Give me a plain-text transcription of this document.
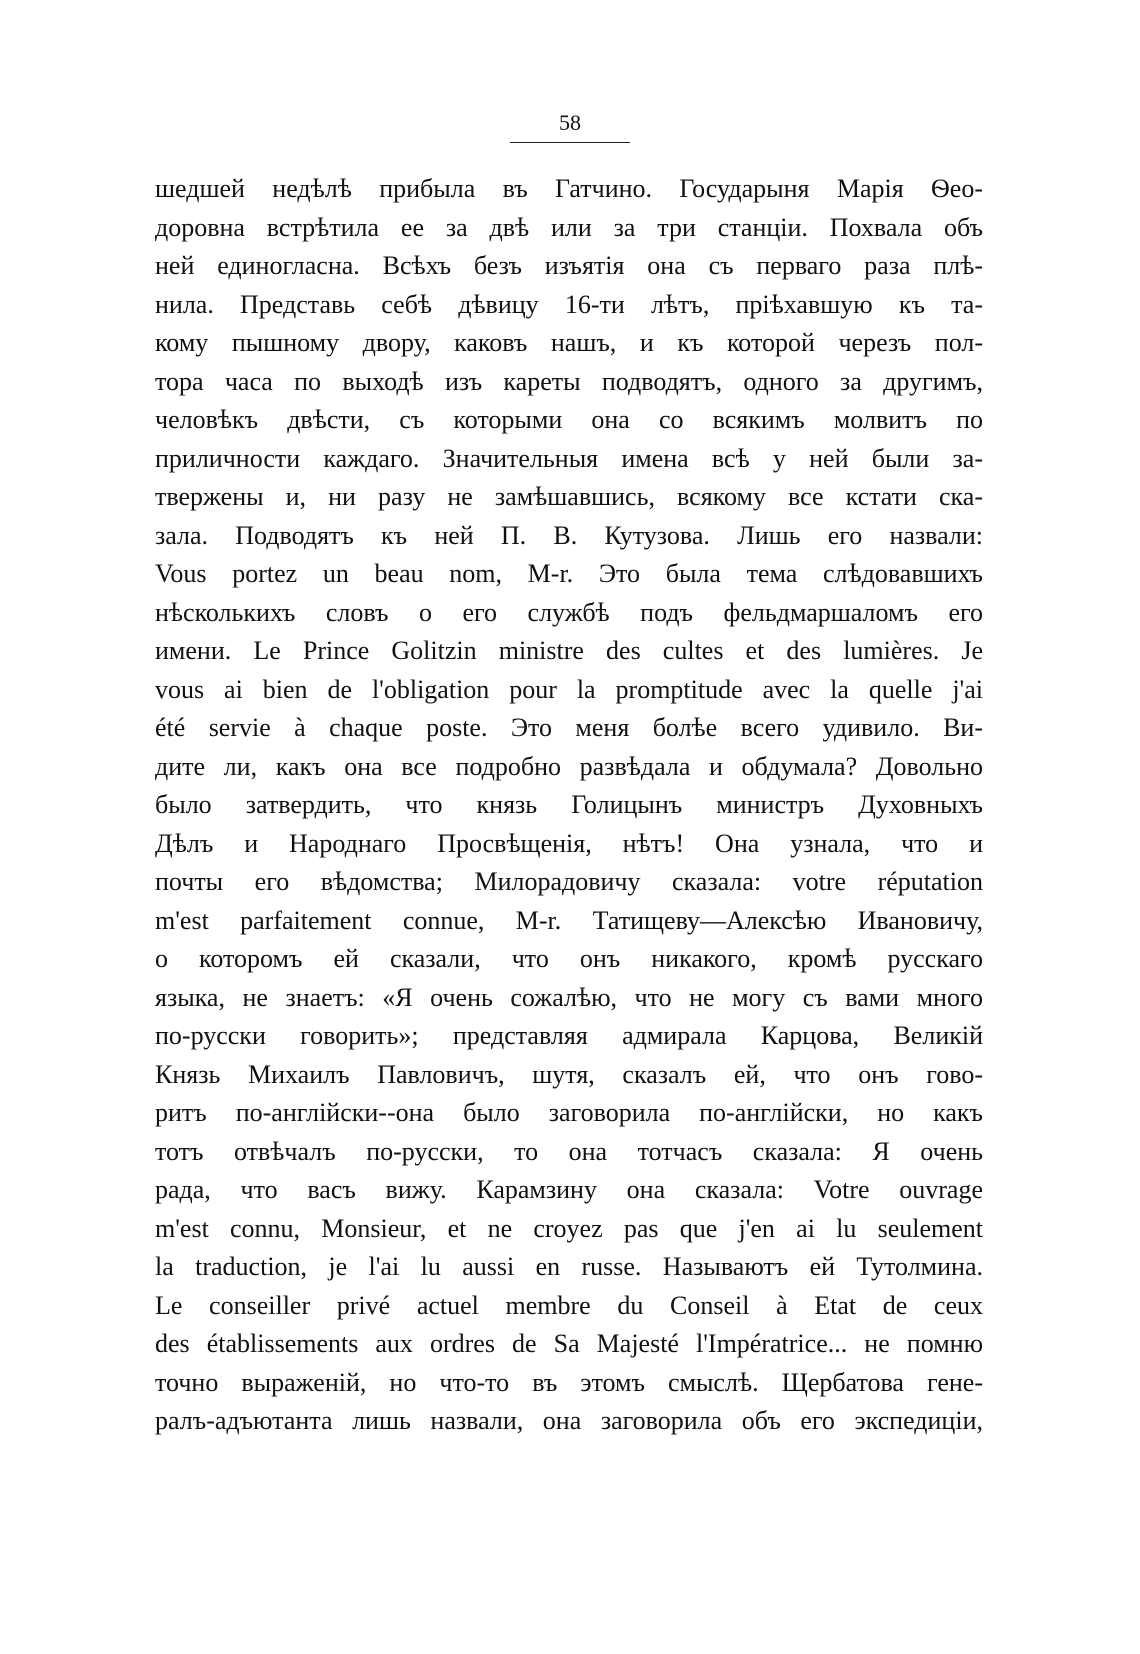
58
шедшей недѣлѣ прибыла въ Гатчино. Государыня Марія Ѳео-
доровна встрѣтила ее за двѣ или за три станціи. Похвала объ
ней единогласна. Всѣхъ безъ изъятія она съ перваго раза плѣ-
нила. Представь себѣ дѣвицу 16-ти лѣтъ, пріѣхавшую къ та-
кому пышному двору, каковъ нашъ, и къ которой черезъ пол-
тора часа по выходѣ изъ кареты подводятъ, одного за другимъ,
человѣкъ двѣсти, съ которыми она со всякимъ молвитъ по
приличности каждаго. Значительныя имена всѣ у ней были за-
твержены и, ни разу не замѣшавшись, всякому все кстати ска-
зала. Подводятъ къ ней П. В. Кутузова. Лишь его назвали:
Vous portez un beau nom, M-r. Это была тема слѣдовавшихъ
нѣсколькихъ словъ о его службѣ подъ фельдмаршаломъ его
имени. Le Prince Golitzin ministre des cultes et des lumières. Je
vous ai bien de l'obligation pour la promptitude avec la quelle j'ai
été servie à chaque poste. Это меня болѣе всего удивило. Ви-
дите ли, какъ она все подробно развѣдала и обдумала? Довольно
было затвердить, что князь Голицынъ министръ Духовныхъ
Дѣлъ и Народнаго Просвѣщенія, нѣтъ! Она узнала, что и
почты его вѣдомства; Милорадовичу сказала: votre réputation
m'est parfaitement connue, M-r. Татищеву—Алексѣю Ивановичу,
о которомъ ей сказали, что онъ никакого, кромѣ русскаго
языка, не знаетъ: «Я очень сожалѣю, что не могу съ вами много
по-русски говорить»; представляя адмирала Карцова, Великій
Князь Михаилъ Павловичъ, шутя, сказалъ ей, что онъ гово-
ритъ по-англійски--она было заговорила по-англійски, но какъ
тотъ отвѣчалъ по-русски, то она тотчасъ сказала: Я очень
рада, что васъ вижу. Карамзину она сказала: Votre ouvrage
m'est connu, Monsieur, et ne croyez pas que j'en ai lu seulement
la traduction, je l'ai lu aussi en russe. Называютъ ей Тутолмина.
Le conseiller privé actuel membre du Conseil à Etat de ceux
des établissements aux ordres de Sa Majesté l'Impératrice... не помню
точно выраженій, но что-то въ этомъ смыслѣ. Щербатова гене-
ралъ-адъютанта лишь назвали, она заговорила объ его экспедиціи,
